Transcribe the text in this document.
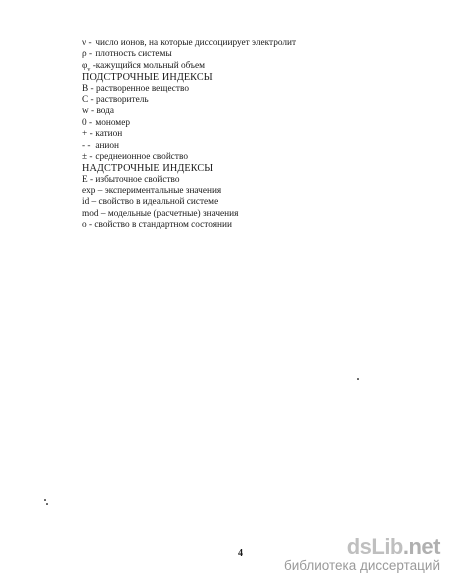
ν - число ионов, на которые диссоциирует электролит
ρ - плотность системы
$\varphi_v$ -кажущийся мольный объем
ПОДСТРОЧНЫЕ ИНДЕКСЫ
В - растворенное вещество
С - растворитель
w - вода
0 - мономер
+ - катион
- - анион
± - среднеионное свойство
НАДСТРОЧНЫЕ ИНДЕКСЫ
Е - избыточное свойство
exp – экспериментальные значения
id – свойство в идеальной системе
mod – модельные (расчетные) значения
o - свойство в стандартном состоянии
4	dsLib.net
библиотека диссертаций
